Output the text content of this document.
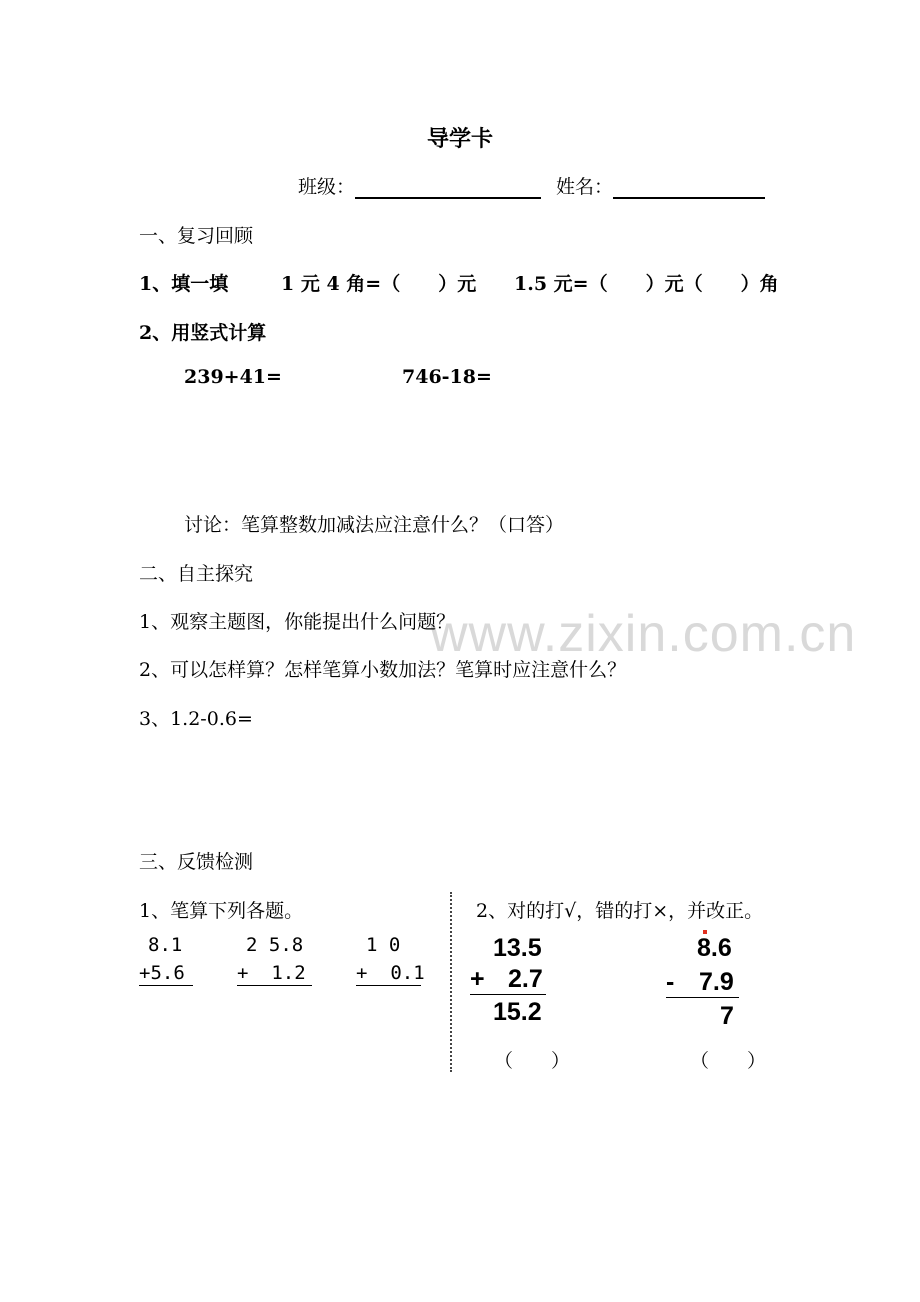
www.zixin.com.cn
导学卡
班级：	姓名：
一、复习回顾
1、填一填	1 元 4 角=（　　）元 1.5 元=（　　）元（　　）角
2、用竖式计算
239+41=	746-18=
讨论：笔算整数加减法应注意什么？（口答）
二、自主探究
1、观察主题图，你能提出什么问题？
2、可以怎样算？怎样笔算小数加法？笔算时应注意什么？
3、1.2-0.6=
三、反馈检测
1、笔算下列各题。	2、对的打√，错的打×，并改正。
8.1
+5.6
2 5.8
+  1.2
1 0
+  0.1
13.5
+ 2.7
15.2
（　　）
8.6
- 7.9
7
（　　）
